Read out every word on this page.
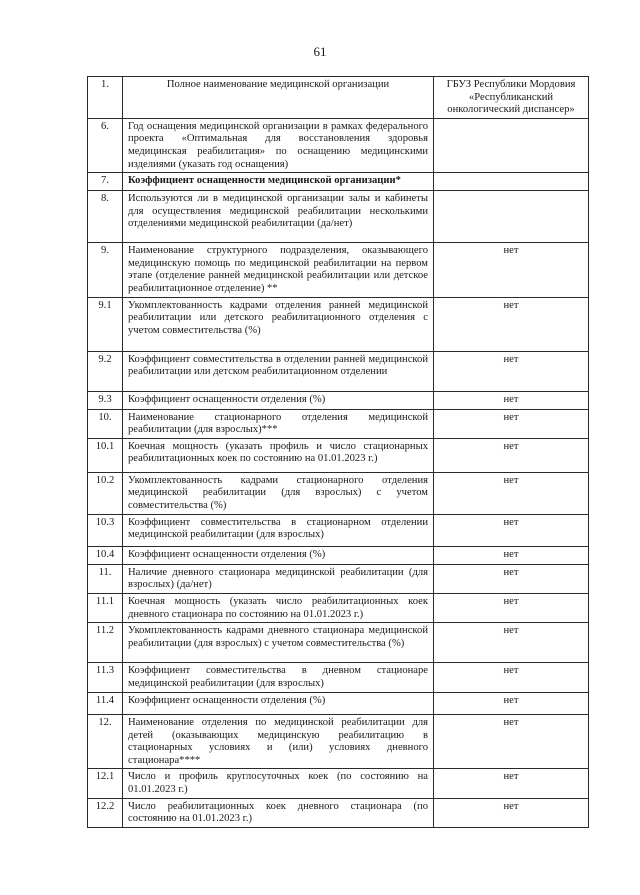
61
1.	Полное наименование медицинской организации	ГБУЗ Республики Мордовия «Республиканский онкологический диспансер»
6.	Год оснащения медицинской организации в рамках федерального проекта «Оптимальная для восстановления здоровья медицинская реабилитация» по оснащению медицинскими изделиями (указать год оснащения)	
7.	Коэффициент оснащенности медицинской организации*	
8.	Используются ли в медицинской организации залы и кабинеты для осуществления медицинской реабилитации несколькими отделениями медицинской реабилитации (да/нет)	
9.	Наименование структурного подразделения, оказывающего медицинскую помощь по медицинской реабилитации на первом этапе (отделение ранней медицинской реабилитации или детское реабилитационное отделение) **	нет
9.1	Укомплектованность кадрами отделения ранней медицинской реабилитации или детского реабилитационного отделения с учетом совместительства (%)	нет
9.2	Коэффициент совместительства в отделении ранней медицинской реабилитации или детском реабилитационном отделении	нет
9.3	Коэффициент оснащенности отделения (%)	нет
10.	Наименование стационарного отделения медицинской реабилитации (для взрослых)***	нет
10.1	Коечная мощность (указать профиль и число стационарных реабилитационных коек по состоянию на 01.01.2023 г.)	нет
10.2	Укомплектованность кадрами стационарного отделения медицинской реабилитации (для взрослых) с учетом совместительства (%)	нет
10.3	Коэффициент совместительства в стационарном отделении медицинской реабилитации (для взрослых)	нет
10.4	Коэффициент оснащенности отделения (%)	нет
11.	Наличие дневного стационара медицинской реабилитации (для взрослых) (да/нет)	нет
11.1	Коечная мощность (указать число реабилитационных коек дневного стационара по состоянию на 01.01.2023 г.)	нет
11.2	Укомплектованность кадрами дневного стационара медицинской реабилитации (для взрослых) с учетом совместительства (%)	нет
11.3	Коэффициент совместительства в дневном стационаре медицинской реабилитации (для взрослых)	нет
11.4	Коэффициент оснащенности отделения (%)	нет
12.	Наименование отделения по медицинской реабилитации для детей (оказывающих медицинскую реабилитацию в стационарных условиях и (или) условиях дневного стационара****	нет
12.1	Число и профиль круглосуточных коек (по состоянию на 01.01.2023 г.)	нет
12.2	Число реабилитационных коек дневного стационара (по состоянию на 01.01.2023 г.)	нет
